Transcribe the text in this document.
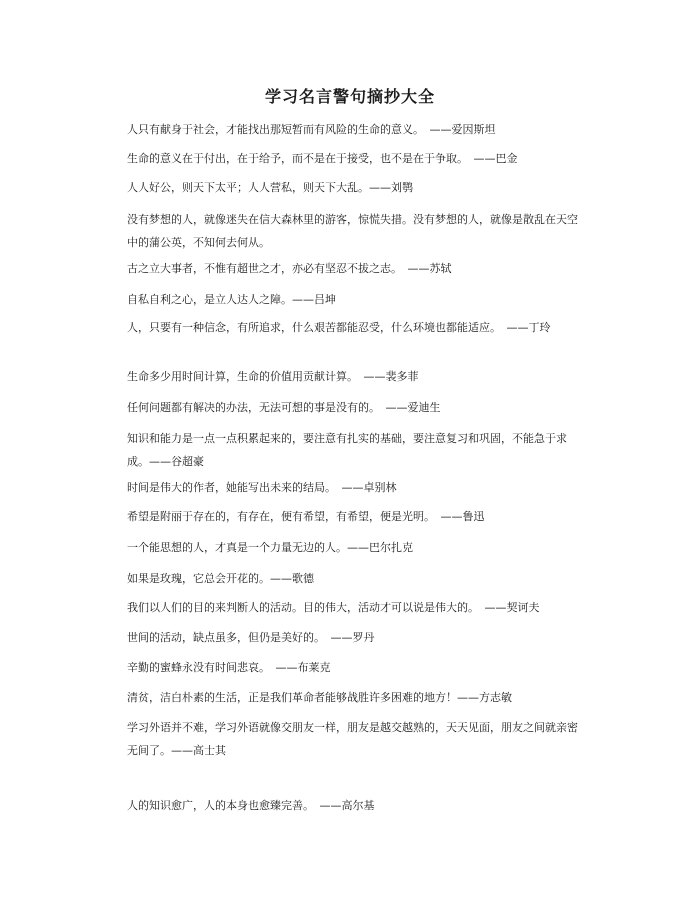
学习名言警句摘抄大全
人只有献身于社会，才能找出那短暂而有风险的生命的意义。　——爱因斯坦
生命的意义在于付出，在于给予，而不是在于接受，也不是在于争取。　——巴金
人人好公，则天下太平；人人营私，则天下大乱。——刘鹗
没有梦想的人，就像迷失在信大森林里的游客，惊慌失措。没有梦想的人，就像是散乱在天空中的蒲公英，不知何去何从。
古之立大事者，不惟有超世之才，亦必有坚忍不拔之志。　——苏轼
自私自利之心，是立人达人之障。——吕坤
人，只要有一种信念，有所追求，什么艰苦都能忍受，什么环境也都能适应。　——丁玲
生命多少用时间计算，生命的价值用贡献计算。　——裴多菲
任何问题都有解决的办法，无法可想的事是没有的。　——爱迪生
知识和能力是一点一点积累起来的，要注意有扎实的基础，要注意复习和巩固，不能急于求成。——谷超豪
时间是伟大的作者，她能写出未来的结局。　——卓别林
希望是附丽于存在的，有存在，便有希望，有希望，便是光明。　——鲁迅
一个能思想的人，才真是一个力量无边的人。——巴尔扎克
如果是玫瑰，它总会开花的。——歌德
我们以人们的目的来判断人的活动。目的伟大，活动才可以说是伟大的。　——契诃夫
世间的活动，缺点虽多，但仍是美好的。　——罗丹
辛勤的蜜蜂永没有时间悲哀。　——布莱克
清贫，洁白朴素的生活，正是我们革命者能够战胜许多困难的地方！——方志敏
学习外语并不难，学习外语就像交朋友一样，朋友是越交越熟的，天天见面，朋友之间就亲密无间了。——高士其
人的知识愈广，人的本身也愈臻完善。　——高尔基
